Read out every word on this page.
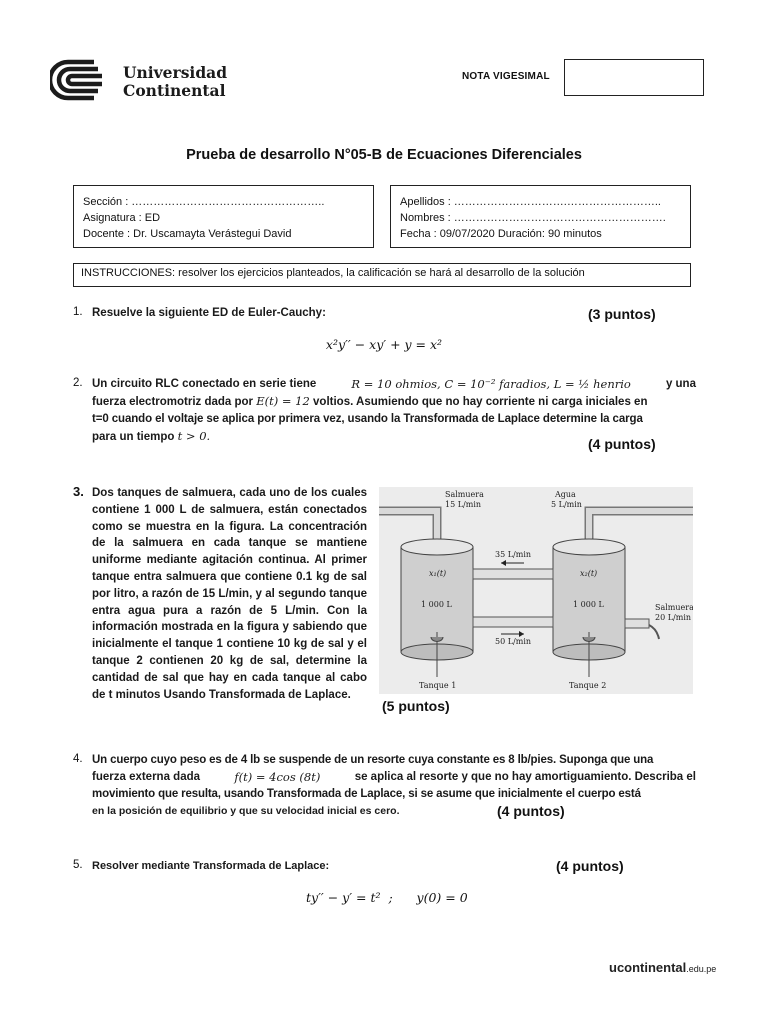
Universidad
Continental
NOTA VIGESIMAL
Prueba de desarrollo N°05-B de Ecuaciones Diferenciales
Sección : ……………………………………………..
Asignatura : ED
Docente : Dr. Uscamayta Verástegui David
Apellidos : ………………………….……………………..
Nombres : ………………………………………………….
Fecha : 09/07/2020 Duración: 90 minutos
INSTRUCCIONES: resolver los ejercicios planteados, la calificación se hará al desarrollo de la solución
1. Resuelve la siguiente ED de Euler-Cauchy:	(3 puntos)
x²y′′ − xy′ + y = x²
2. Un circuito RLC conectado en serie tiene	R = 10 ohmios, C = 10⁻² faradios, L = ½ henrio	y una
fuerza electromotriz dada por E(t) = 12 voltios. Asumiendo que no hay corriente ni carga iniciales en
t=0 cuando el voltaje se aplica por primera vez, usando la Transformada de Laplace determine la carga
para un tiempo t > 0.	(4 puntos)
3. Dos tanques de salmuera, cada uno de los cuales contiene 1 000 L de salmuera, están conectados como se muestra en la figura. La concentración de la salmuera en cada tanque se mantiene uniforme mediante agitación continua. Al primer tanque entra salmuera que contiene 0.1 kg de sal por litro, a razón de 15 L/min, y al segundo tanque entra agua pura a razón de 5 L/min. Con la información mostrada en la figura y sabiendo que inicialmente el tanque 1 contiene 10 kg de sal y el tanque 2 contienen 20 kg de sal, determine la cantidad de sal que hay en cada tanque al cabo de t minutos Usando Transformada de Laplace.
(5 puntos)
Salmuera
15 L/min
Agua
5 L/min
35 L/min
50 L/min
x₁(t)	x₂(t)
1 000 L	1 000 L	Salmuera
20 L/min
Tanque 1	Tanque 2
4. Un cuerpo cuyo peso es de 4 lb se suspende de un resorte cuya constante es 8 lb/pies. Suponga que una
fuerza externa dada	f(t) = 4cos (8t)	se aplica al resorte y que no hay amortiguamiento. Describa el
movimiento que resulta, usando Transformada de Laplace, si se asume que inicialmente el cuerpo está
en la posición de equilibrio y que su velocidad inicial es cero.	(4 puntos)
5. Resolver mediante Transformada de Laplace:	(4 puntos)
ty′′ − y′ = t²  ;      y(0) = 0
ucontinental.edu.pe
